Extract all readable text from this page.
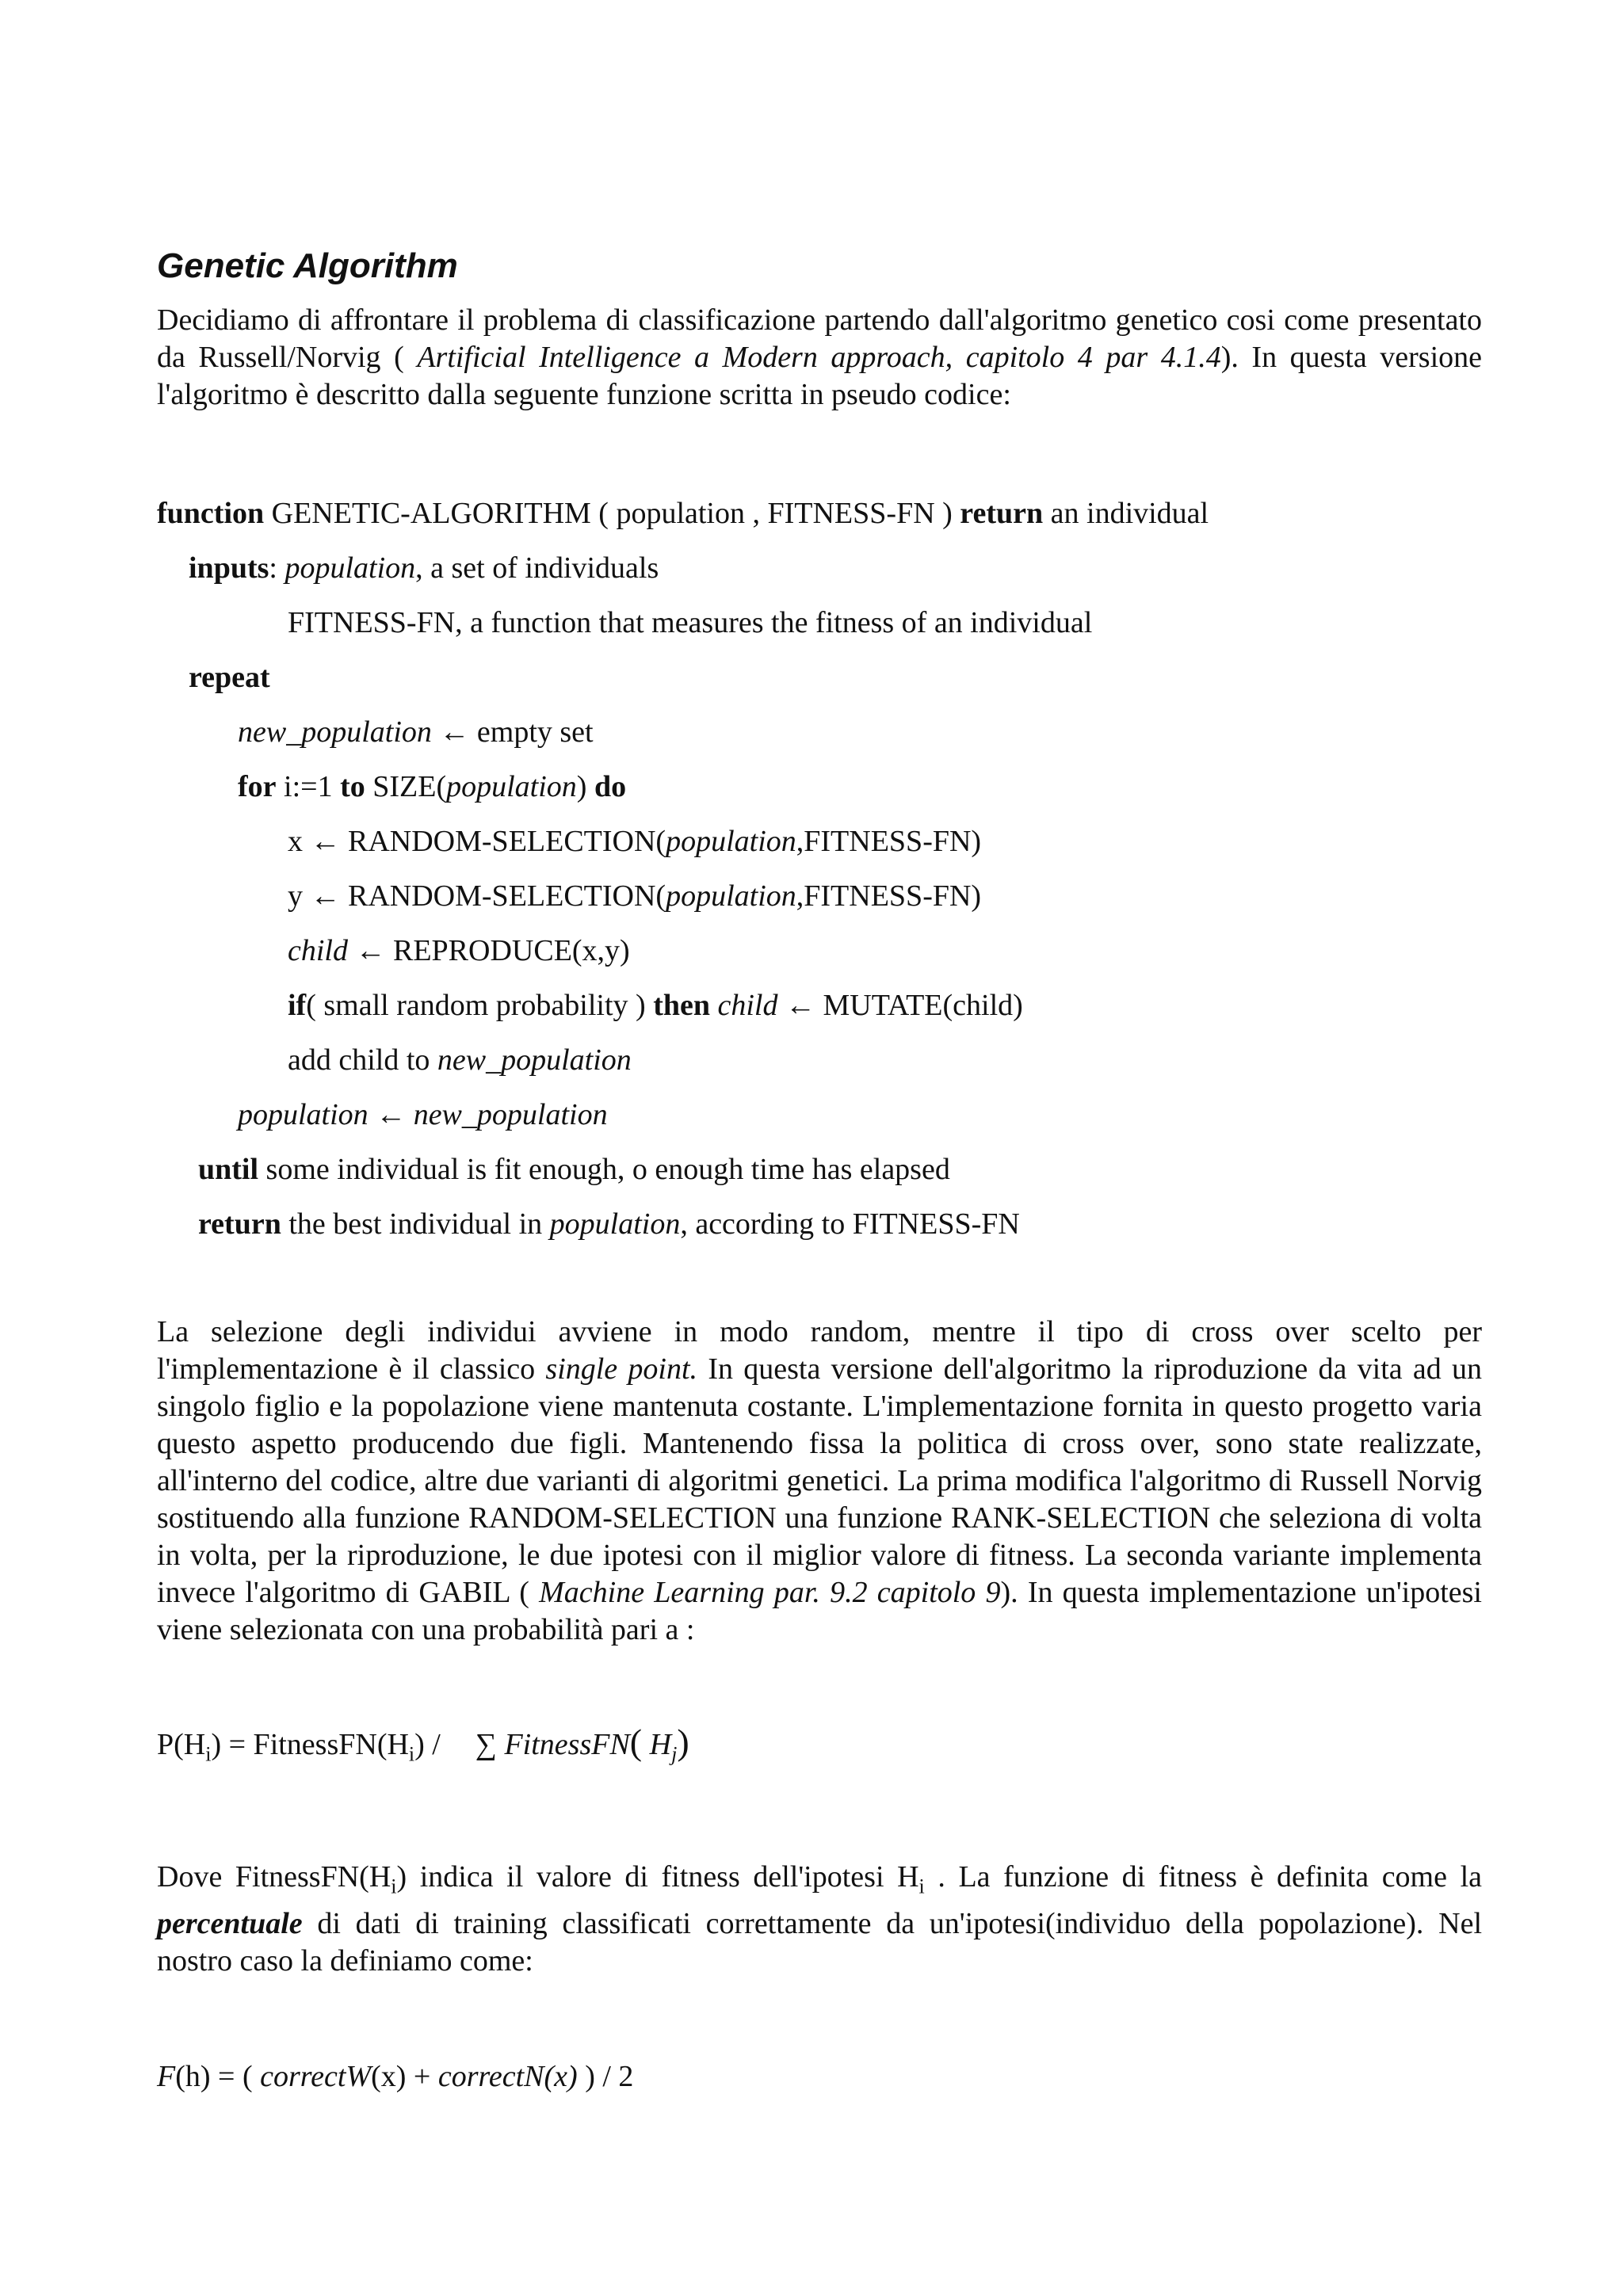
Genetic Algorithm

Decidiamo di affrontare il problema di classificazione partendo dall'algoritmo genetico cosi come presentato da Russell/Norvig ( Artificial Intelligence a Modern approach, capitolo 4 par 4.1.4). In questa versione l'algoritmo è descritto dalla seguente funzione scritta in pseudo codice:

function GENETIC-ALGORITHM ( population , FITNESS-FN ) return an individual
inputs: population, a set of individuals
FITNESS-FN, a function that measures the fitness of an individual
repeat
new_population ← empty set
for i:=1 to SIZE(population) do
x ← RANDOM-SELECTION(population,FITNESS-FN)
y ← RANDOM-SELECTION(population,FITNESS-FN)
child ← REPRODUCE(x,y)
if( small random probability ) then child ← MUTATE(child)
add child to new_population
population ← new_population
until some individual is fit enough, o enough time has elapsed
return the best individual in population, according to FITNESS-FN

La selezione degli individui avviene in modo random, mentre il tipo di cross over scelto per l'implementazione è il classico single point. In questa versione dell'algoritmo la riproduzione da vita ad un singolo figlio e la popolazione viene mantenuta costante. L'implementazione fornita in questo progetto varia questo aspetto producendo due figli. Mantenendo fissa la politica di cross over, sono state realizzate, all'interno del codice, altre due varianti di algoritmi genetici. La prima modifica l'algoritmo di Russell Norvig sostituendo alla funzione RANDOM-SELECTION una funzione RANK-SELECTION che seleziona di volta in volta, per la riproduzione, le due ipotesi con il miglior valore di fitness. La seconda variante implementa invece l'algoritmo di GABIL ( Machine Learning par. 9.2 capitolo 9). In questa implementazione un'ipotesi viene selezionata con una probabilità pari a :

$P(H_i)$ = $FitnessFN(H_i)$ / ∑ FitnessFN( $H_j$)

Dove $FitnessFN(H_i)$ indica il valore di fitness dell'ipotesi $H_i$ . La funzione di fitness è definita come la percentuale di dati di training classificati correttamente da un'ipotesi(individuo della popolazione). Nel nostro caso la definiamo come:

F(h) = ( correctW(x) + correctN(x) ) / 2
